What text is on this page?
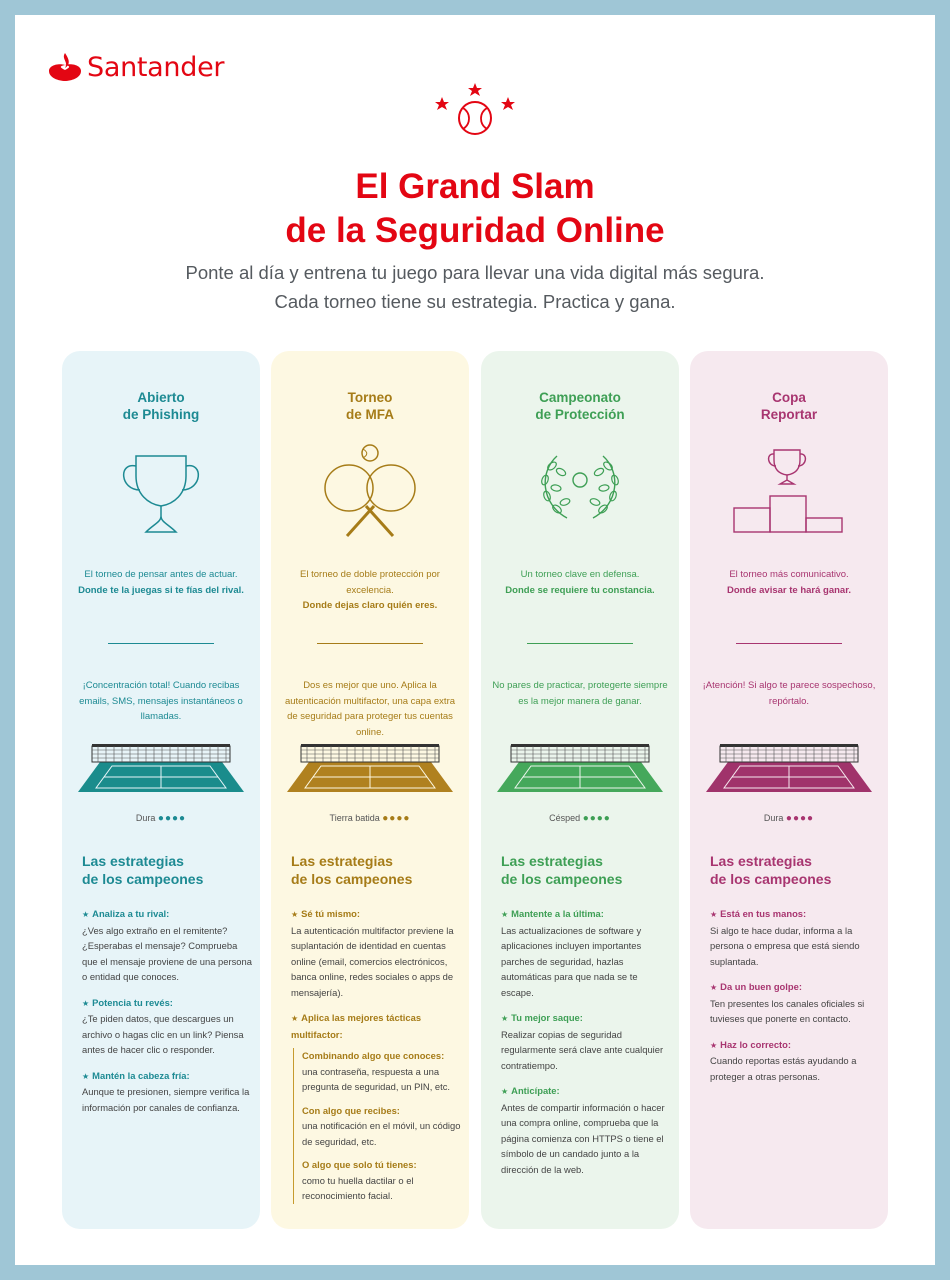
Santander
El Grand Slam
de la Seguridad Online
Ponte al día y entrena tu juego para llevar una vida digital más segura.
Cada torneo tiene su estrategia. Practica y gana.
Abierto
de Phishing
El torneo de pensar antes de actuar.
Donde te la juegas si te fías del rival.
¡Concentración total! Cuando recibas emails, SMS, mensajes instantáneos o llamadas.
Dura ●●●●
Las estrategias
de los campeones
★ Analiza a tu rival:
¿Ves algo extraño en el remitente? ¿Esperabas el mensaje? Comprueba que el mensaje proviene de una persona o entidad que conoces.
★ Potencia tu revés:
¿Te piden datos, que descargues un archivo o hagas clic en un link? Piensa antes de hacer clic o responder.
★ Mantén la cabeza fría:
Aunque te presionen, siempre verifica la información por canales de confianza.
Torneo
de MFA
El torneo de doble protección por excelencia.
Donde dejas claro quién eres.
Dos es mejor que uno. Aplica la autenticación multifactor, una capa extra de seguridad para proteger tus cuentas online.
Tierra batida ●●●●
Las estrategias
de los campeones
★ Sé tú mismo:
La autenticación multifactor previene la suplantación de identidad en cuentas online (email, comercios electrónicos, banca online, redes sociales o apps de mensajería).
★ Aplica las mejores tácticas multifactor:
Combinando algo que conoces:
una contraseña, respuesta a una pregunta de seguridad, un PIN, etc.
Con algo que recibes:
una notificación en el móvil, un código de seguridad, etc.
O algo que solo tú tienes:
como tu huella dactilar o el reconocimiento facial.
Campeonato
de Protección
Un torneo clave en defensa.
Donde se requiere tu constancia.
No pares de practicar, protegerte siempre es la mejor manera de ganar.
Césped ●●●●
Las estrategias
de los campeones
★ Mantente a la última:
Las actualizaciones de software y aplicaciones incluyen importantes parches de seguridad, hazlas automáticas para que nada se te escape.
★ Tu mejor saque:
Realizar copias de seguridad regularmente será clave ante cualquier contratiempo.
★ Anticípate:
Antes de compartir información o hacer una compra online, comprueba que la página comienza con HTTPS o tiene el símbolo de un candado junto a la dirección de la web.
Copa
Reportar
El torneo más comunicativo.
Donde avisar te hará ganar.
¡Atención! Si algo te parece sospechoso, repórtalo.
Dura ●●●●
Las estrategias
de los campeones
★ Está en tus manos:
Si algo te hace dudar, informa a la persona o empresa que está siendo suplantada.
★ Da un buen golpe:
Ten presentes los canales oficiales si tuvieses que ponerte en contacto.
★ Haz lo correcto:
Cuando reportas estás ayudando a proteger a otras personas.
